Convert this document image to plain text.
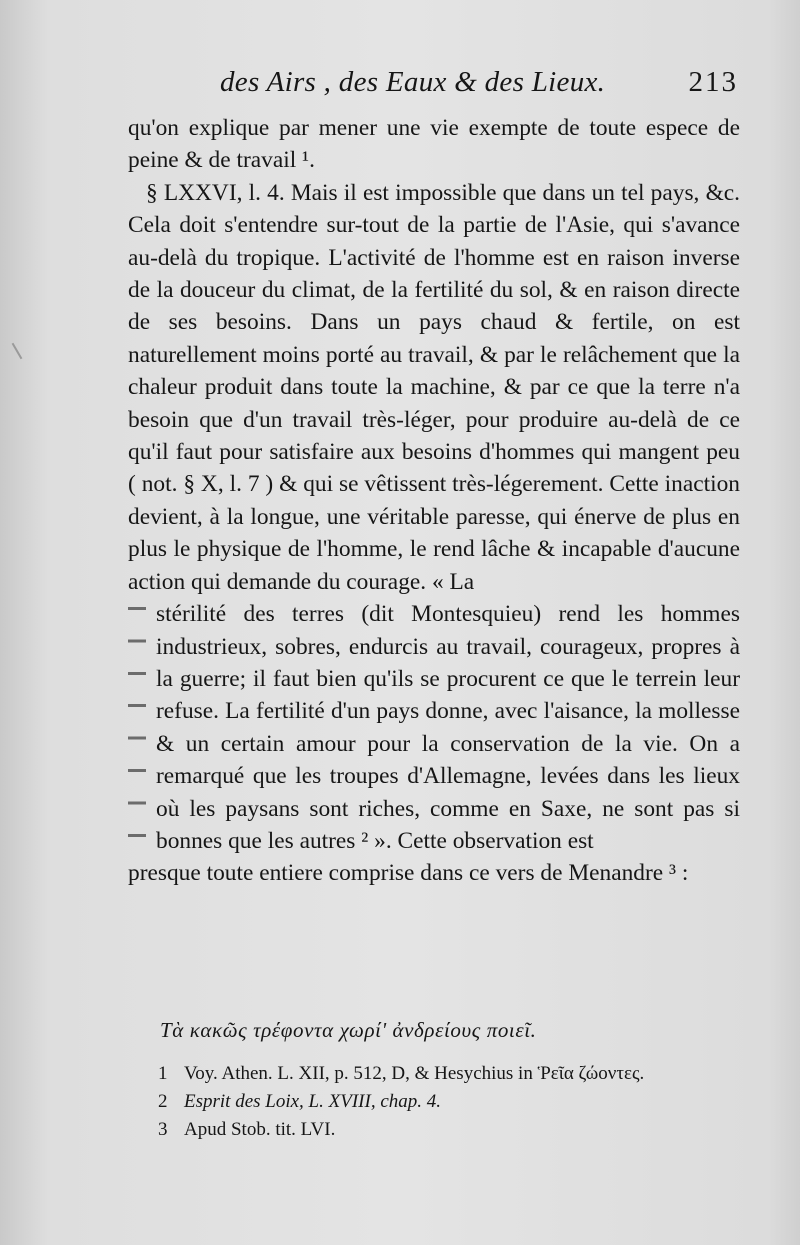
des Airs , des Eaux & des Lieux.	213

qu'on explique par mener une vie exempte de toute espece de peine & de travail ¹.

§ LXXVI, l. 4. Mais il est impossible que dans un tel pays, &c. Cela doit s'entendre sur-tout de la partie de l'Asie, qui s'avance au-delà du tropique. L'activité de l'homme est en raison inverse de la douceur du climat, de la fertilité du sol, & en raison directe de ses besoins. Dans un pays chaud & fertile, on est naturellement moins porté au travail, & par le relâchement que la chaleur produit dans toute la machine, & par ce que la terre n'a besoin que d'un travail très-léger, pour produire au-delà de ce qu'il faut pour satisfaire aux besoins d'hommes qui mangent peu ( not. § X, l. 7 ) & qui se vêtissent très-légerement. Cette inaction devient, à la longue, une véritable paresse, qui énerve de plus en plus le physique de l'homme, le rend lâche & incapable d'aucune action qui demande du courage. « La

stérilité des terres (dit Montesquieu) rend les hommes industrieux, sobres, endurcis au travail, courageux, propres à la guerre; il faut bien qu'ils se procurent ce que le terrein leur refuse. La fertilité d'un pays donne, avec l'aisance, la mollesse & un certain amour pour la conservation de la vie. On a remarqué que les troupes d'Allemagne, levées dans les lieux où les paysans sont riches, comme en Saxe, ne sont pas si bonnes que les autres ² ». Cette observation est
presque toute entiere comprise dans ce vers de Menandre ³ :
Τὰ κακῶς τρέφοντα χωρί' ἀνδρείους ποιεῖ.
1 Voy. Athen. L. XII, p. 512, D, & Hesychius in Ῥεῖα ζώοντες.
2 Esprit des Loix, L. XVIII, chap. 4.
3 Apud Stob. tit. LVI.
